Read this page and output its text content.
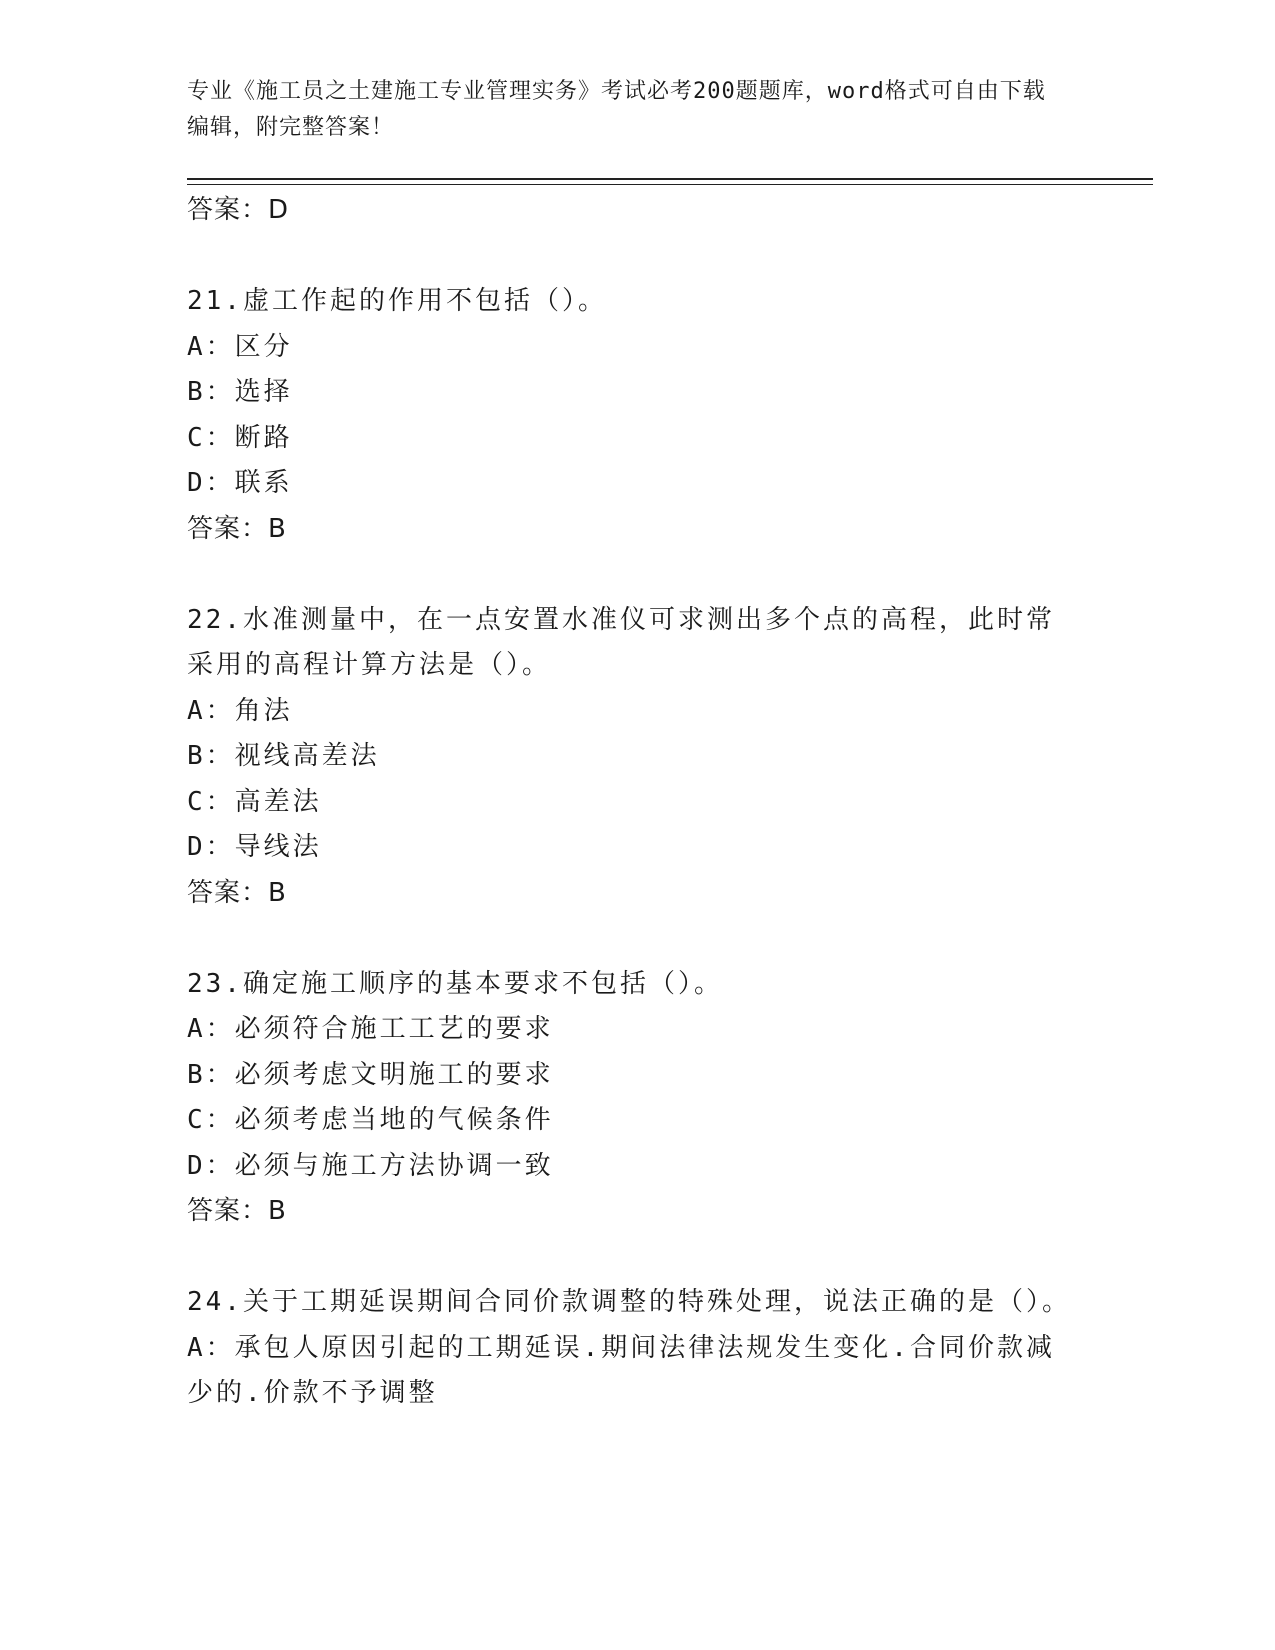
专业《施工员之土建施工专业管理实务》考试必考200题题库，word格式可自由下载编辑，附完整答案！
答案：D
21.虚工作起的作用不包括（）。
A：区分
B：选择
C：断路
D：联系
答案：B
22.水准测量中，在一点安置水准仪可求测出多个点的高程，此时常采用的高程计算方法是（）。
A：角法
B：视线高差法
C：高差法
D：导线法
答案：B
23.确定施工顺序的基本要求不包括（）。
A：必须符合施工工艺的要求
B：必须考虑文明施工的要求
C：必须考虑当地的气候条件
D：必须与施工方法协调一致
答案：B
24.关于工期延误期间合同价款调整的特殊处理，说法正确的是（）。
A：承包人原因引起的工期延误.期间法律法规发生变化.合同价款减少的.价款不予调整
